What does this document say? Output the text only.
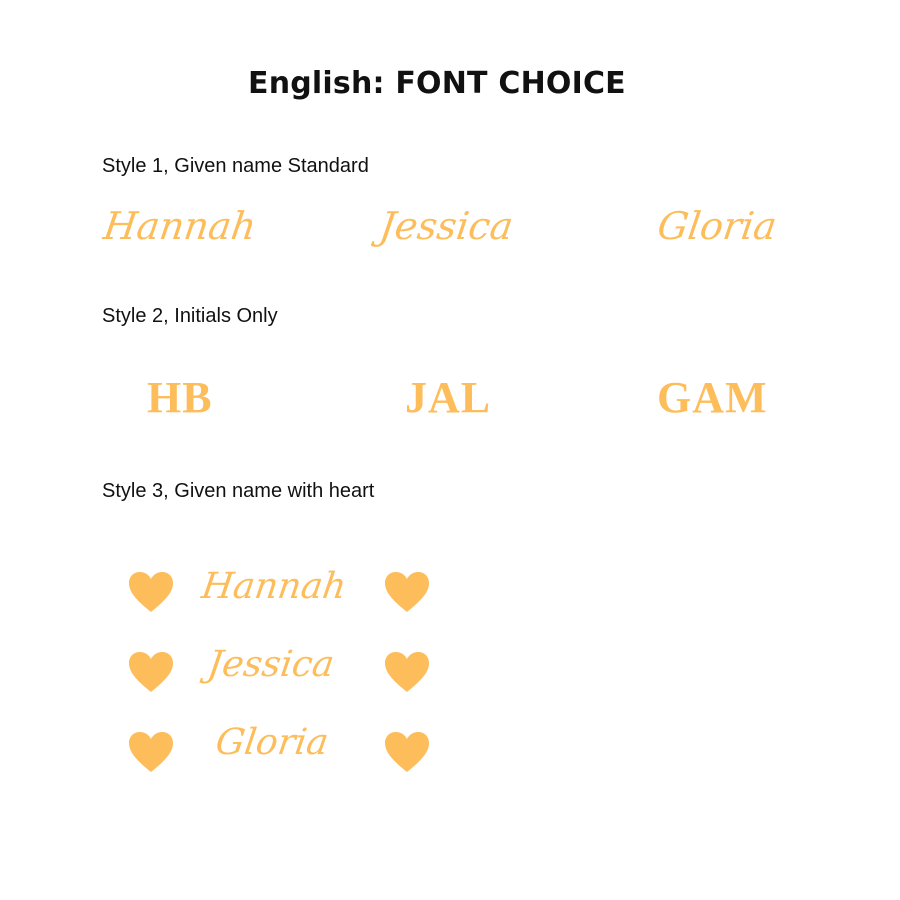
English: FONT CHOICE
Style 1, Given name Standard
Hannah	Jessica	Gloria
Style 2, Initials Only
HB	JAL	GAM
Style 3, Given name with heart
Hannah
Jessica
Gloria
